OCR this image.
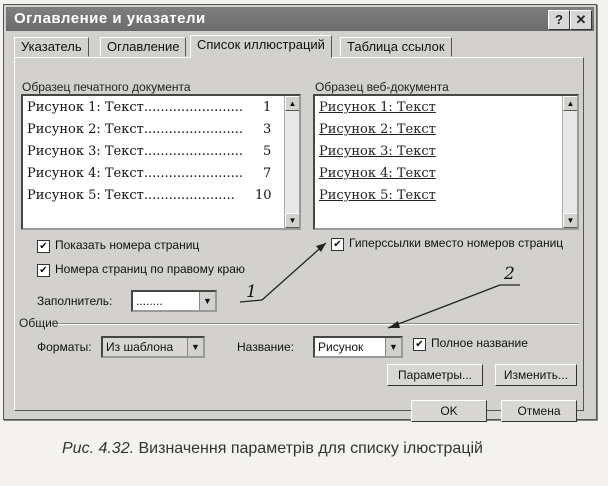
Оглавление и указатели	? ✕
Указатель	Оглавление	Список иллюстраций	Таблица ссылок
Образец печатного документа
Рисунок 1: Текст........................ 1
Рисунок 2: Текст........................ 3
Рисунок 3: Текст........................ 5
Рисунок 4: Текст........................ 7
Рисунок 5: Текст...................... 10
▲
▼
Образец веб-документа
Рисунок 1: Текст
Рисунок 2: Текст
Рисунок 3: Текст
Рисунок 4: Текст
Рисунок 5: Текст
▲
▼
✔ Показать номера страниц
✔ Номера страниц по правому краю
✔ Гиперссылки вместо номеров страниц
Заполнитель: ........	▼
Общие
Форматы: Из шаблона	▼	Название: Рисунок	▼	✔ Полное название
Параметры...	Изменить...
OK	Отмена
1
2
Рис. 4.32. Визначення параметрів для списку ілюстрацій
